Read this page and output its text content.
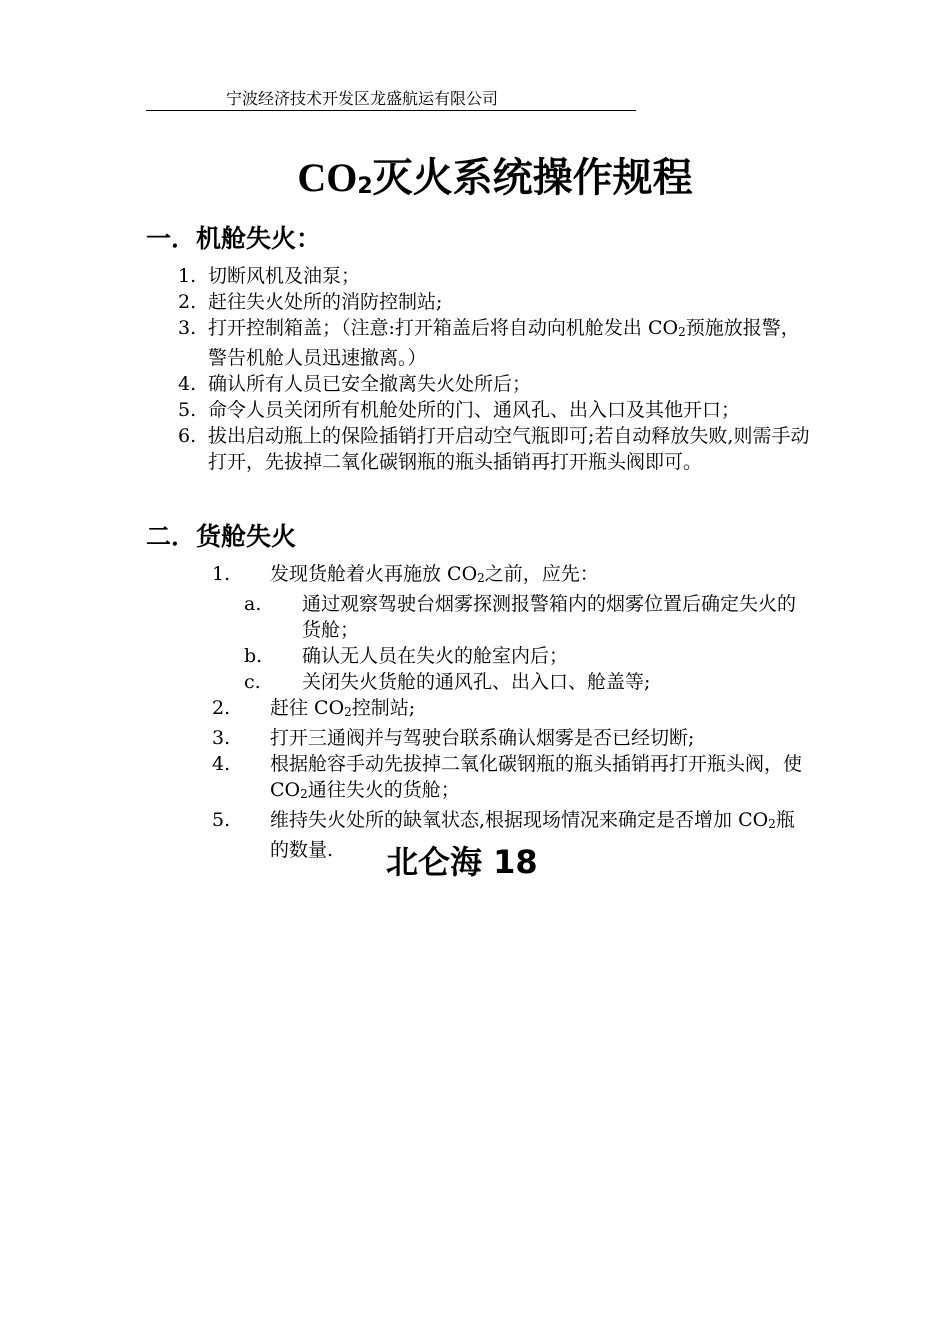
宁波经济技术开发区龙盛航运有限公司
$CO_2$灭火系统操作规程
一．机舱失火：
1. 切断风机及油泵；
2. 赶往失火处所的消防控制站;
3. 打开控制箱盖；（注意:打开箱盖后将自动向机舱发出 $CO_2$预施放报警，警告机舱人员迅速撤离。）
4. 确认所有人员已安全撤离失火处所后；
5. 命令人员关闭所有机舱处所的门、通风孔、出入口及其他开口；
6. 拔出启动瓶上的保险插销打开启动空气瓶即可;若自动释放失败,则需手动打开，先拔掉二氧化碳钢瓶的瓶头插销再打开瓶头阀即可。
二．货舱失火
1. 发现货舱着火再施放 $CO_2$之前，应先：
a. 通过观察驾驶台烟雾探测报警箱内的烟雾位置后确定失火的货舱；
b. 确认无人员在失火的舱室内后；
c. 关闭失火货舱的通风孔、出入口、舱盖等;
2. 赶往 $CO_2$控制站;
3. 打开三通阀并与驾驶台联系确认烟雾是否已经切断;
4. 根据舱容手动先拔掉二氧化碳钢瓶的瓶头插销再打开瓶头阀，使 $CO_2$通往失火的货舱；
5. 维持失火处所的缺氧状态,根据现场情况来确定是否增加 $CO_2$瓶的数量.	北仑海 18
